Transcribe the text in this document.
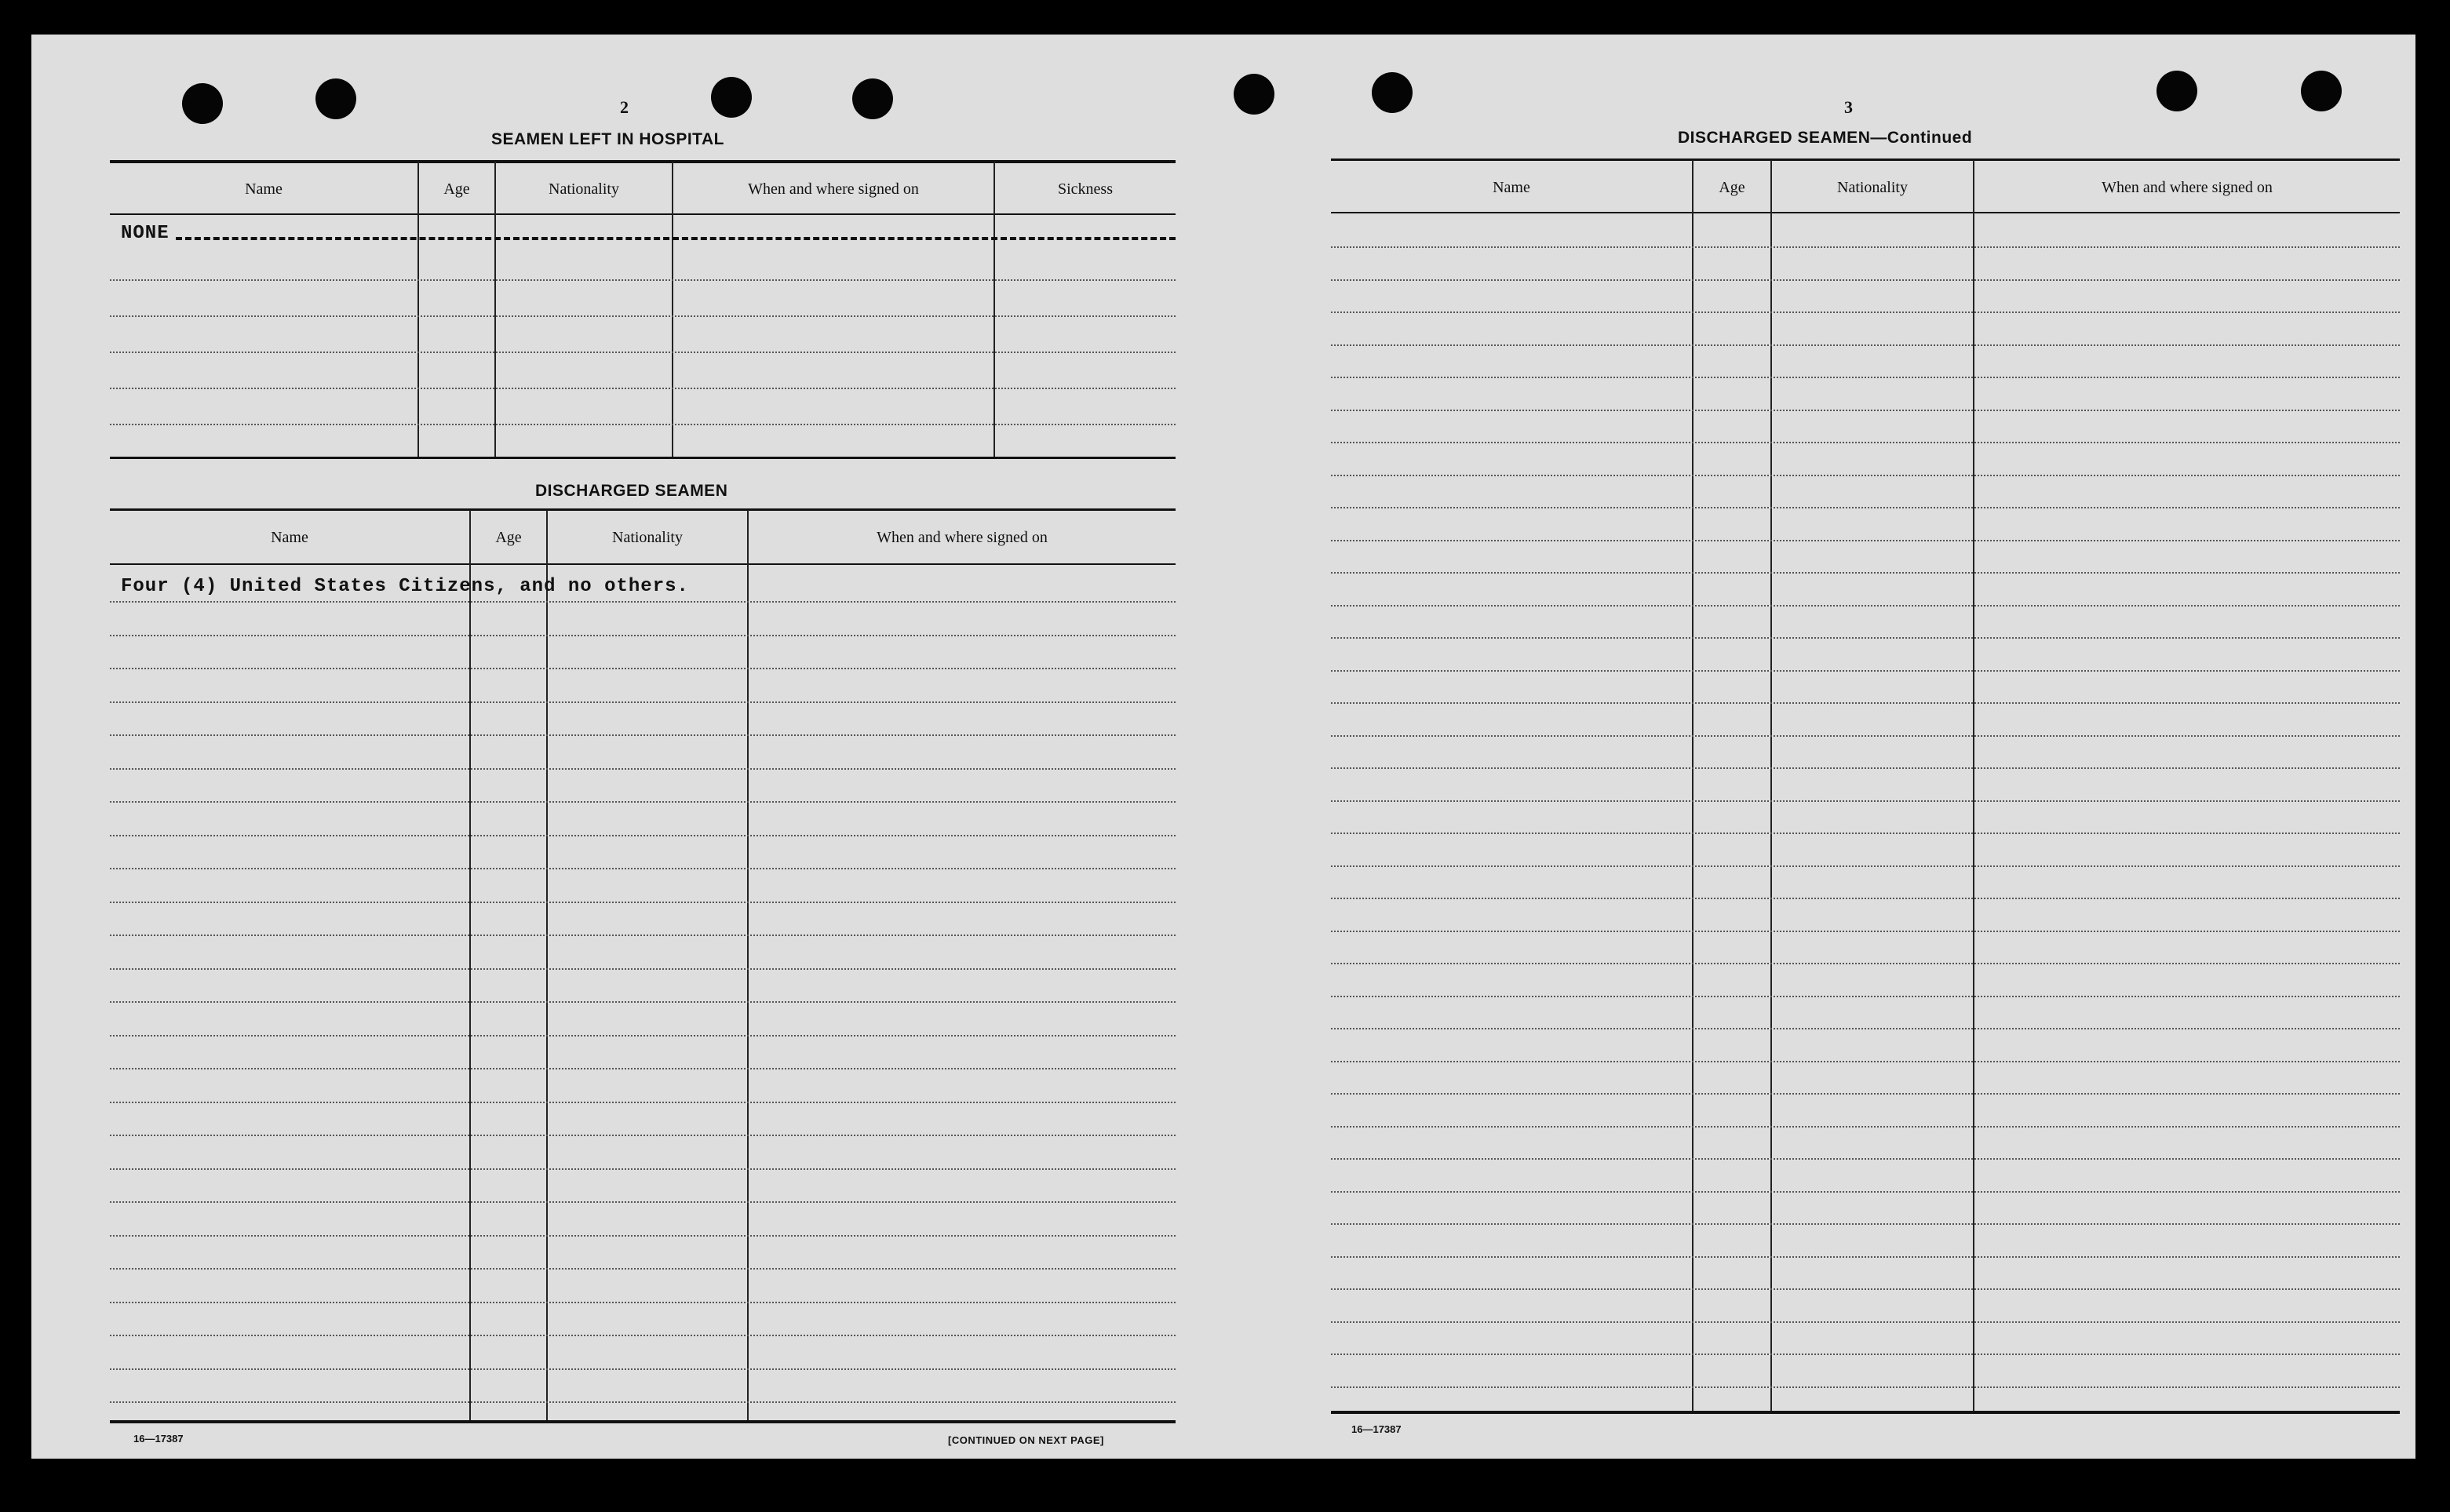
2
SEAMEN LEFT IN HOSPITAL
Name	Age	Nationality	When and where signed on	Sickness
NONE
DISCHARGED SEAMEN
Name	Age	Nationality	When and where signed on
Four (4) United States Citizens, and no others.
16—17387	[CONTINUED ON NEXT PAGE]
3
DISCHARGED SEAMEN—Continued
Name	Age	Nationality	When and where signed on
16—17387
